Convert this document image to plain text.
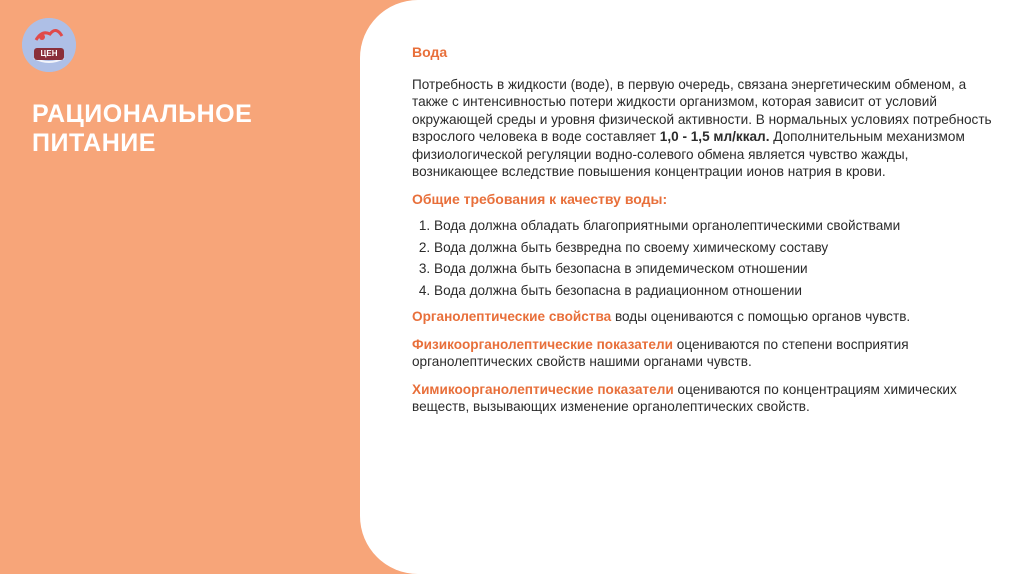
ЦЕН
РАЦИОНАЛЬНОЕ ПИТАНИЕ
Вода

Потребность в жидкости (воде), в первую очередь, связана энергетическим обменом, а также с интенсивностью потери жидкости организмом, которая зависит от условий окружающей среды и уровня физической активности. В нормальных условиях потребность взрослого человека в воде составляет 1,0 - 1,5 мл/ккал. Дополнительным механизмом физиологической регуляции водно-солевого обмена является чувство жажды, возникающее вследствие повышения концентрации ионов натрия в крови.

Общие требования к качеству воды:
1. Вода должна обладать благоприятными органолептическими свойствами
2. Вода должна быть безвредна по своему химическому составу
3. Вода должна быть безопасна в эпидемическом отношении
4. Вода должна быть безопасна в радиационном отношении

Органолептические свойства воды оцениваются с помощью органов чувств.

Физикоорганолептические показатели оцениваются по степени восприятия органолептических свойств нашими органами чувств.

Химикоорганолептические показатели оцениваются по концентрациям химических веществ, вызывающих изменение органолептических свойств.
